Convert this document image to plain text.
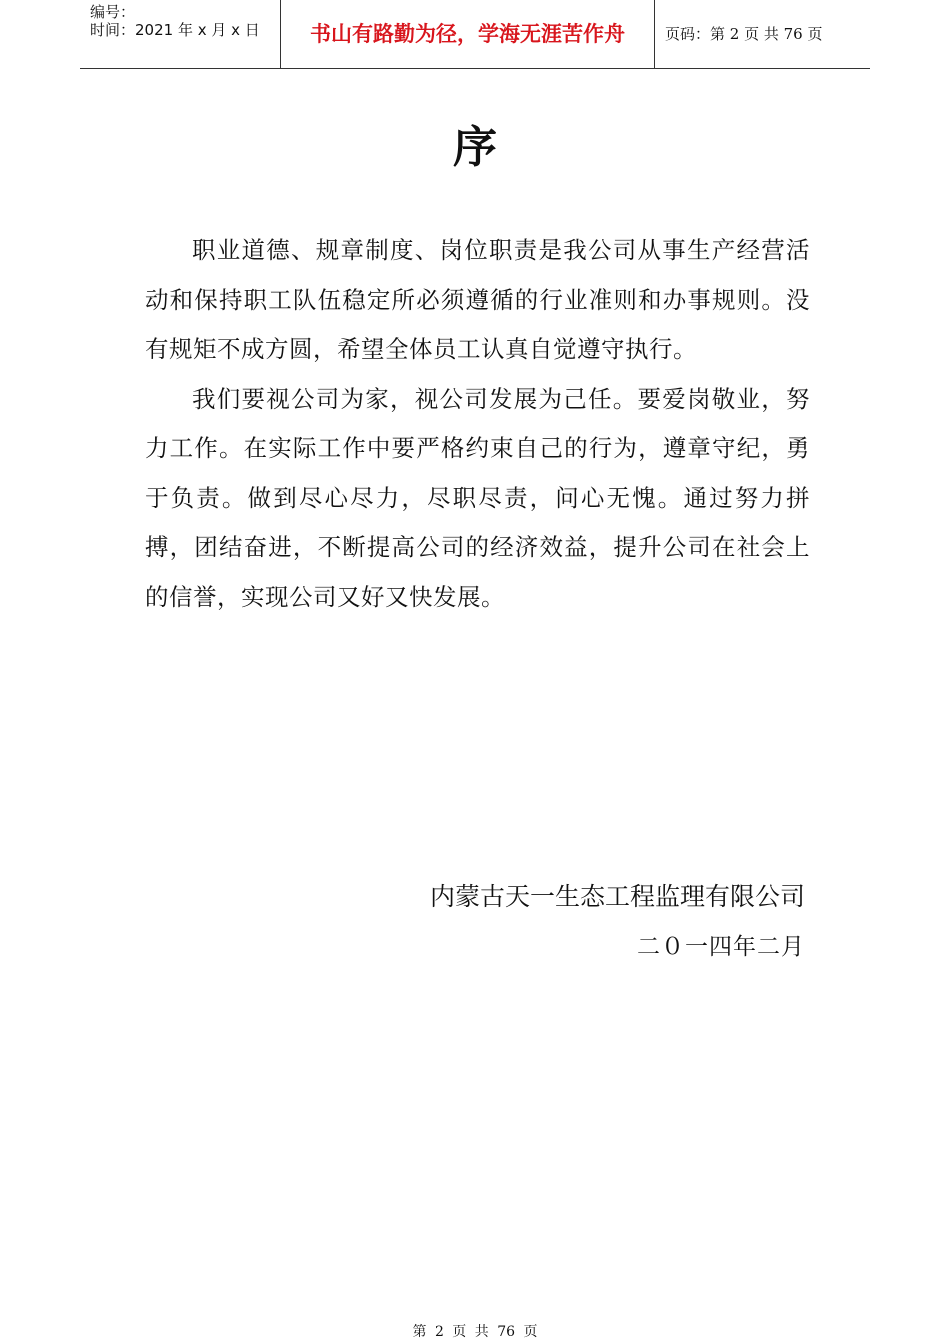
编号：
时间：2021 年 x 月 x 日	书山有路勤为径，学海无涯苦作舟	页码：第 2 页 共 76 页
序

职业道德、规章制度、岗位职责是我公司从事生产经营活动和保持职工队伍稳定所必须遵循的行业准则和办事规则。没有规矩不成方圆，希望全体员工认真自觉遵守执行。

我们要视公司为家，视公司发展为己任。要爱岗敬业，努力工作。在实际工作中要严格约束自己的行为，遵章守纪，勇于负责。做到尽心尽力，尽职尽责，问心无愧。通过努力拼搏，团结奋进，不断提高公司的经济效益，提升公司在社会上的信誉，实现公司又好又快发展。

内蒙古天一生态工程监理有限公司
二０一四年二月
第 2 页 共 76 页
